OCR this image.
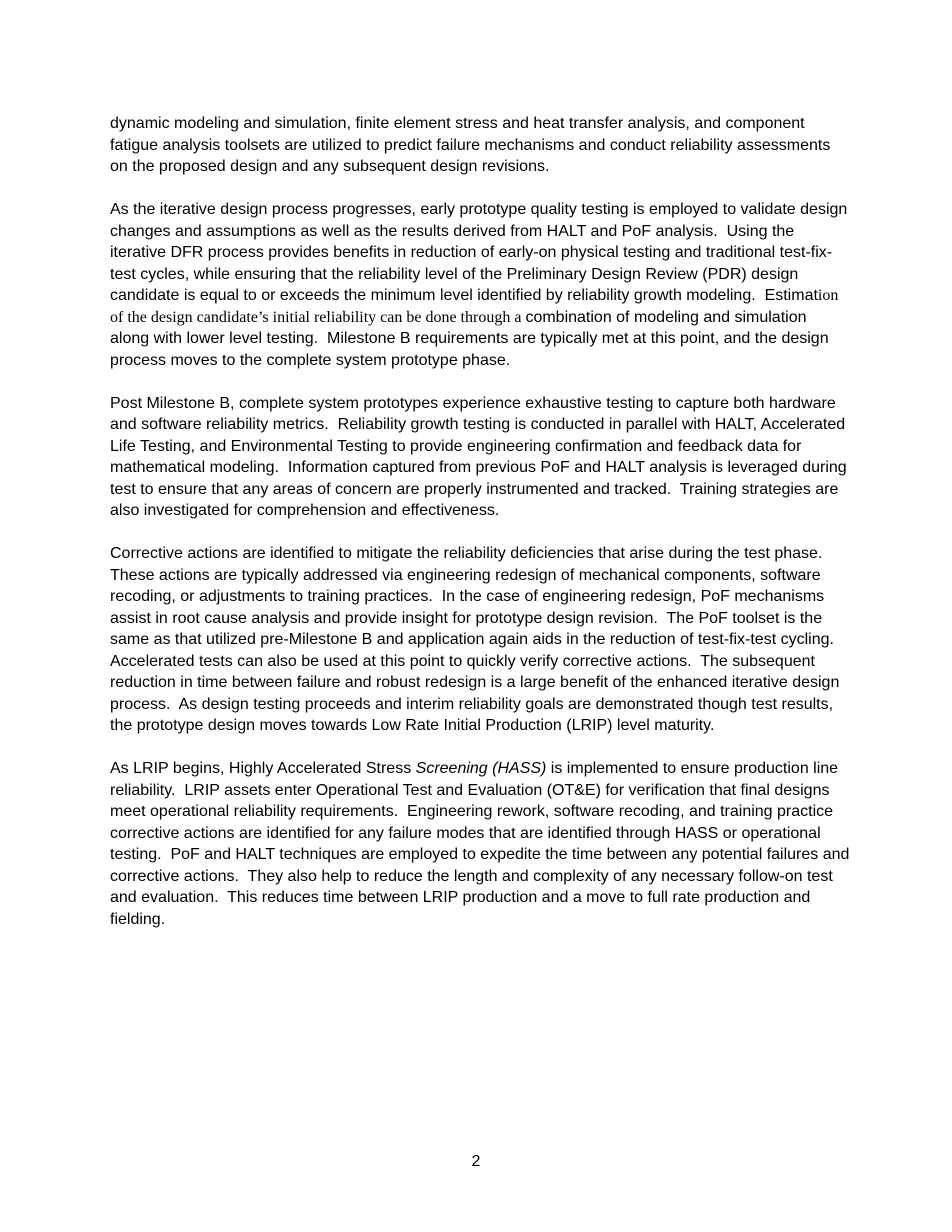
dynamic modeling and simulation, finite element stress and heat transfer analysis, and component fatigue analysis toolsets are utilized to predict failure mechanisms and conduct reliability assessments on the proposed design and any subsequent design revisions.

As the iterative design process progresses, early prototype quality testing is employed to validate design changes and assumptions as well as the results derived from HALT and PoF analysis.  Using the iterative DFR process provides benefits in reduction of early-on physical testing and traditional test-fix-test cycles, while ensuring that the reliability level of the Preliminary Design Review (PDR) design candidate is equal to or exceeds the minimum level identified by reliability growth modeling.  Estimation of the design candidate’s initial reliability can be done through a combination of modeling and simulation along with lower level testing.  Milestone B requirements are typically met at this point, and the design process moves to the complete system prototype phase.

Post Milestone B, complete system prototypes experience exhaustive testing to capture both hardware and software reliability metrics.  Reliability growth testing is conducted in parallel with HALT, Accelerated Life Testing, and Environmental Testing to provide engineering confirmation and feedback data for mathematical modeling.  Information captured from previous PoF and HALT analysis is leveraged during test to ensure that any areas of concern are properly instrumented and tracked.  Training strategies are also investigated for comprehension and effectiveness.

Corrective actions are identified to mitigate the reliability deficiencies that arise during the test phase.  These actions are typically addressed via engineering redesign of mechanical components, software recoding, or adjustments to training practices.  In the case of engineering redesign, PoF mechanisms assist in root cause analysis and provide insight for prototype design revision.  The PoF toolset is the same as that utilized pre-Milestone B and application again aids in the reduction of test-fix-test cycling.  Accelerated tests can also be used at this point to quickly verify corrective actions.  The subsequent reduction in time between failure and robust redesign is a large benefit of the enhanced iterative design process.  As design testing proceeds and interim reliability goals are demonstrated though test results, the prototype design moves towards Low Rate Initial Production (LRIP) level maturity.

As LRIP begins, Highly Accelerated Stress Screening (HASS) is implemented to ensure production line reliability.  LRIP assets enter Operational Test and Evaluation (OT&E) for verification that final designs meet operational reliability requirements.  Engineering rework, software recoding, and training practice corrective actions are identified for any failure modes that are identified through HASS or operational testing.  PoF and HALT techniques are employed to expedite the time between any potential failures and corrective actions.  They also help to reduce the length and complexity of any necessary follow-on test and evaluation.  This reduces time between LRIP production and a move to full rate production and fielding.

2
